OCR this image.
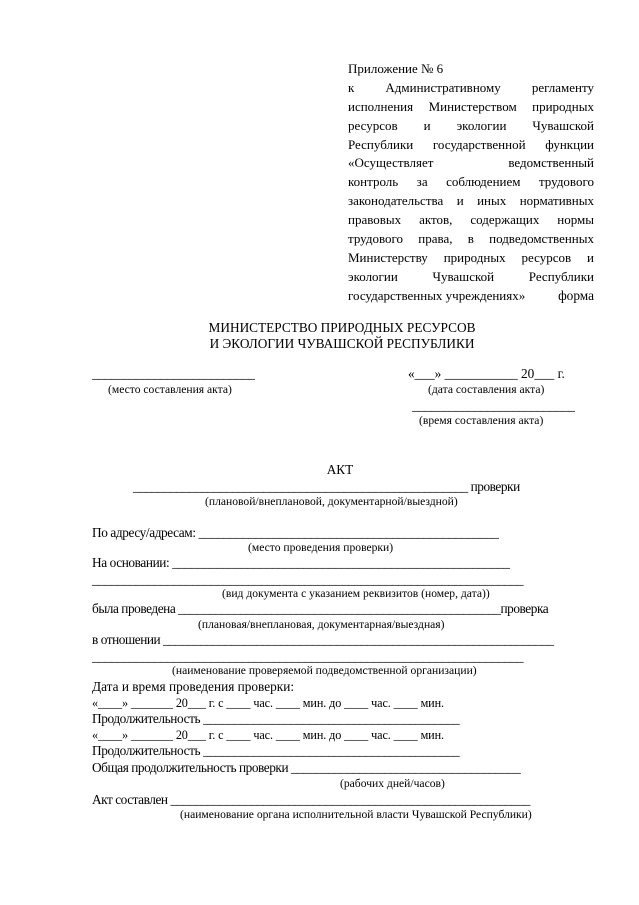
Приложение № 6
к Административному регламенту
исполнения Министерством природных
ресурсов и экологии Чувашской
Республики государственной функции
«Осуществляет ведомственный
контроль за соблюдением трудового
законодательства и иных нормативных
правовых актов, содержащих нормы
трудового права, в подведомственных
Министерству природных ресурсов и
экологии Чувашской Республики
государственных учреждениях»	форма
МИНИСТЕРСТВО ПРИРОДНЫХ РЕСУРСОВ
И ЭКОЛОГИИ ЧУВАШСКОЙ РЕСПУБЛИКИ
__________________________
(место составления акта)
«___» ___________ 20___ г.
(дата составления акта)
__________________________
(время составления акта)
АКТ
______________________________________________________ проверки
(плановой/внеплановой, документарной/выездной)
По адресу/адресам: ________________________________________________
(место проведения проверки)
На основании: ______________________________________________________
_____________________________________________________________________
(вид документа с указанием реквизитов (номер, дата))
была проведена ____________________________________________________проверка
(плановая/внеплановая, документарная/выездная)
в отношении _______________________________________________________________
_____________________________________________________________________
(наименование проверяемой подведомственной организации)
Дата и время проведения проверки:
«____» _______ 20___ г. с ____ час. ____ мин. до ____ час. ____ мин.
Продолжительность _________________________________________
«____» _______ 20___ г. с ____ час. ____ мин. до ____ час. ____ мин.
Продолжительность _________________________________________
Общая продолжительность проверки _____________________________________
(рабочих дней/часов)
Акт составлен __________________________________________________________
(наименование органа исполнительной власти Чувашской Республики)
